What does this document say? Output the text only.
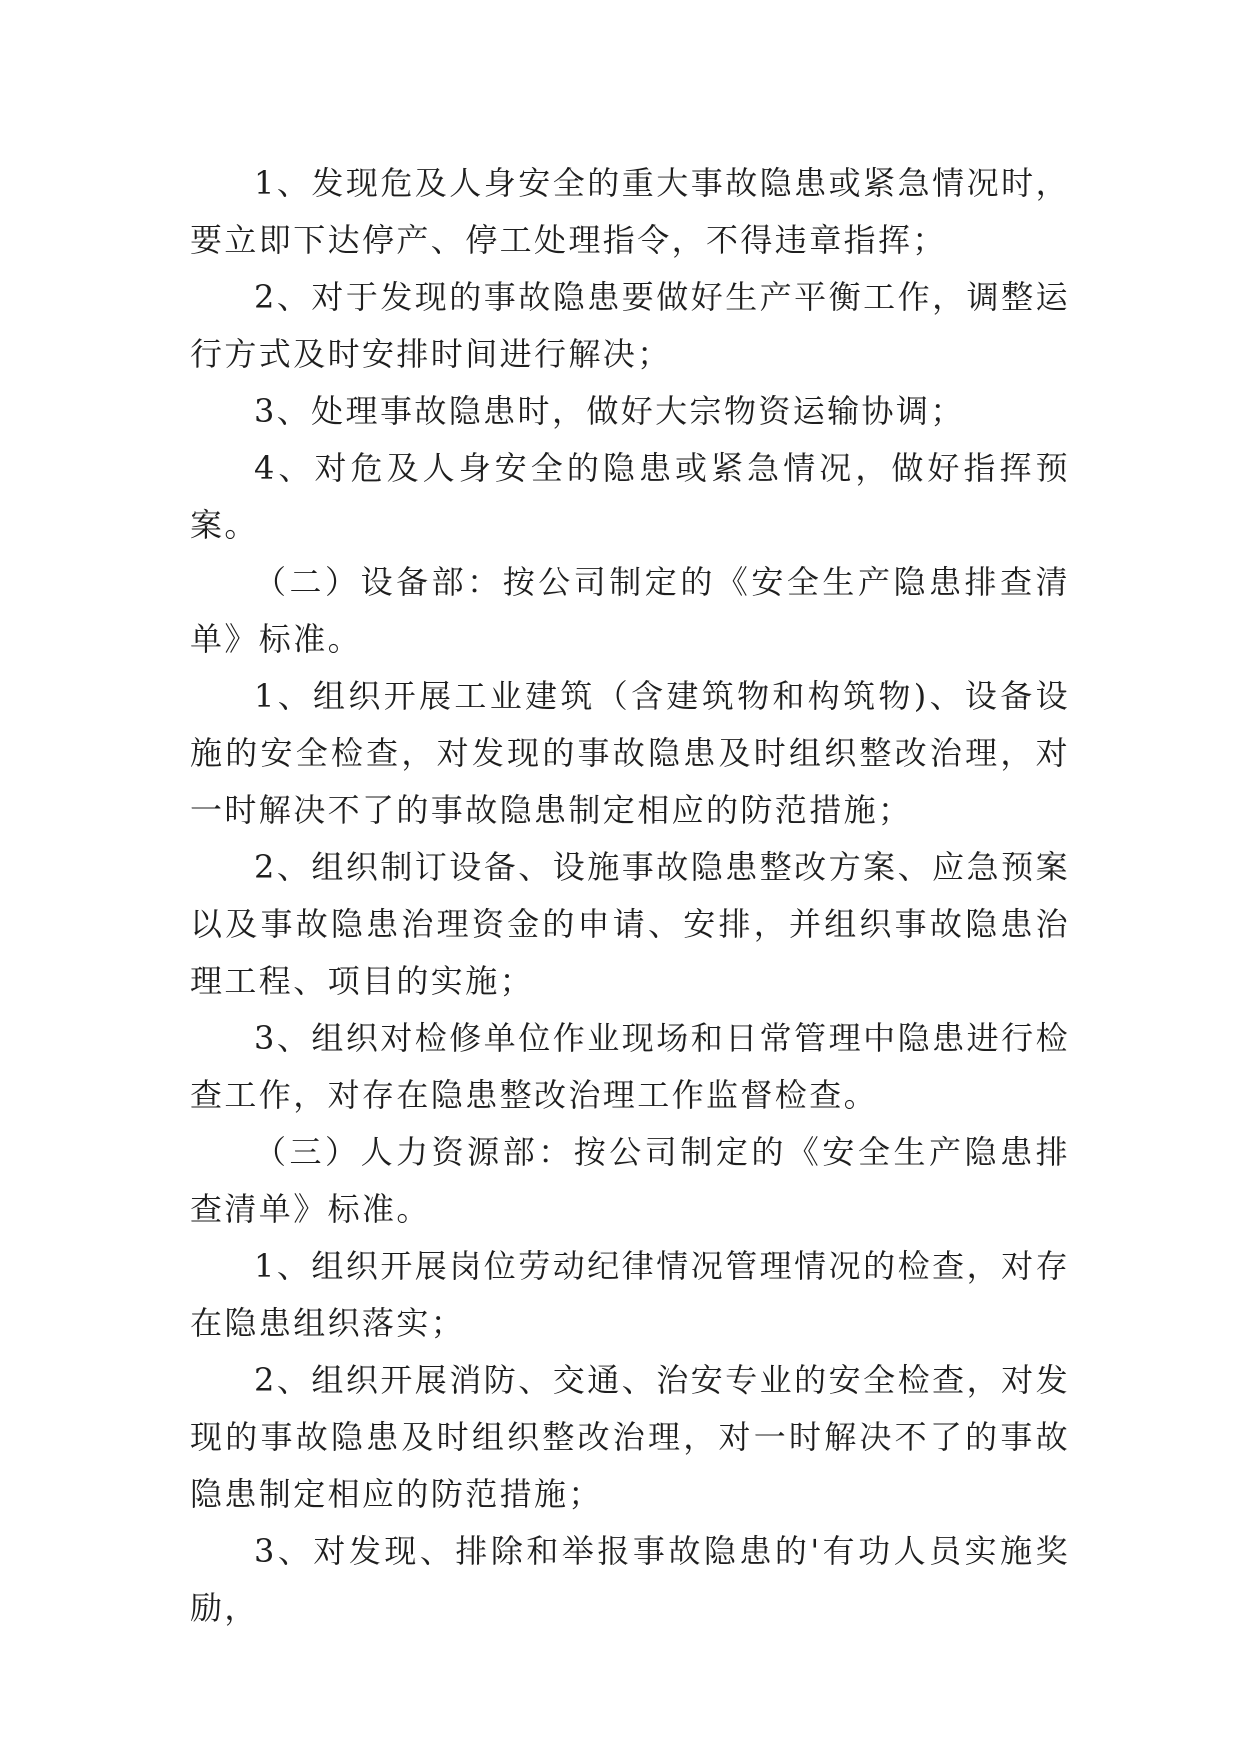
1、发现危及人身安全的重大事故隐患或紧急情况时，要立即下达停产、停工处理指令，不得违章指挥；

2、对于发现的事故隐患要做好生产平衡工作，调整运行方式及时安排时间进行解决；

3、处理事故隐患时，做好大宗物资运输协调；

4、对危及人身安全的隐患或紧急情况，做好指挥预案。

（二）设备部：按公司制定的《安全生产隐患排查清单》标准。

1、组织开展工业建筑（含建筑物和构筑物)、设备设施的安全检查，对发现的事故隐患及时组织整改治理，对一时解决不了的事故隐患制定相应的防范措施；

2、组织制订设备、设施事故隐患整改方案、应急预案以及事故隐患治理资金的申请、安排，并组织事故隐患治理工程、项目的实施；

3、组织对检修单位作业现场和日常管理中隐患进行检查工作，对存在隐患整改治理工作监督检查。

（三）人力资源部：按公司制定的《安全生产隐患排查清单》标准。

1、组织开展岗位劳动纪律情况管理情况的检查，对存在隐患组织落实；

2、组织开展消防、交通、治安专业的安全检查，对发现的事故隐患及时组织整改治理，对一时解决不了的事故隐患制定相应的防范措施；

3、对发现、排除和举报事故隐患的'有功人员实施奖励，
